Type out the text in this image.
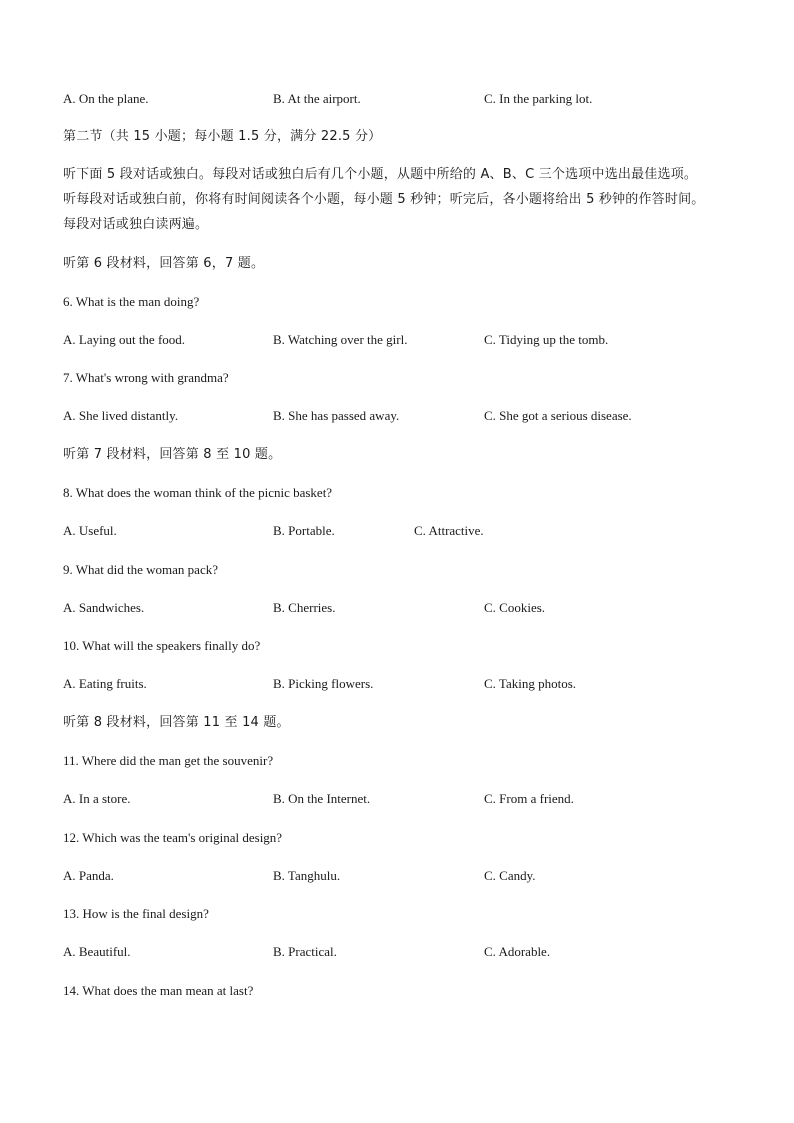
A. On the plane.	B. At the airport.	C. In the parking lot.
第二节（共 15 小题；每小题 1.5 分，满分 22.5 分）
听下面 5 段对话或独白。每段对话或独白后有几个小题，从题中所给的 A、B、C 三个选项中选出最佳选项。
听每段对话或独白前，你将有时间阅读各个小题，每小题 5 秒钟；听完后，各小题将给出 5 秒钟的作答时间。
每段对话或独白读两遍。
听第 6 段材料，回答第 6，7 题。
6. What is the man doing?
A. Laying out the food.	B. Watching over the girl.	C. Tidying up the tomb.
7. What's wrong with grandma?
A. She lived distantly.	B. She has passed away.	C. She got a serious disease.
听第 7 段材料，回答第 8 至 10 题。
8. What does the woman think of the picnic basket?
A. Useful.	B. Portable.	C. Attractive.
9. What did the woman pack?
A. Sandwiches.	B. Cherries.	C. Cookies.
10. What will the speakers finally do?
A. Eating fruits.	B. Picking flowers.	C. Taking photos.
听第 8 段材料，回答第 11 至 14 题。
11. Where did the man get the souvenir?
A. In a store.	B. On the Internet.	C. From a friend.
12. Which was the team's original design?
A. Panda.	B. Tanghulu.	C. Candy.
13. How is the final design?
A. Beautiful.	B. Practical.	C. Adorable.
14. What does the man mean at last?
